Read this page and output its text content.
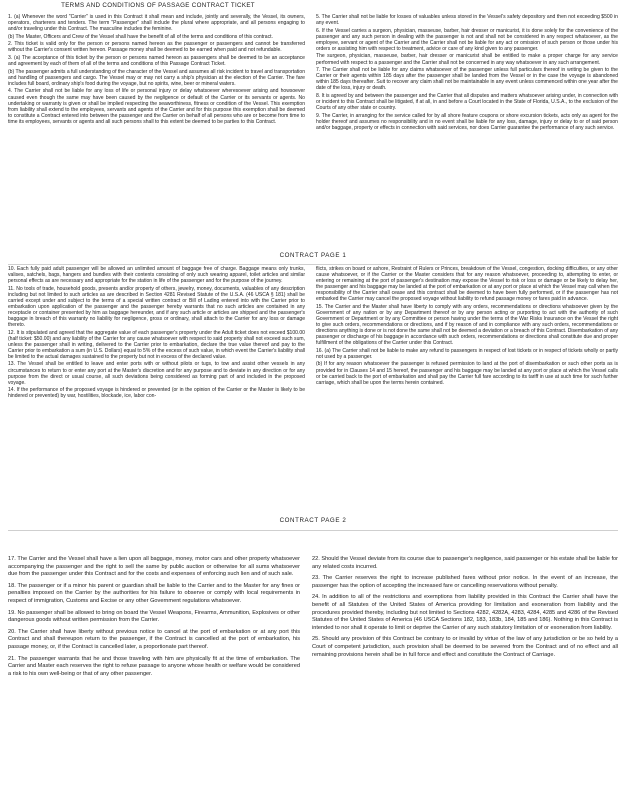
TERMS AND CONDITIONS OF PASSAGE CONTRACT TICKET

1. (a) Whenever the word "Carrier" is used in this Contract it shall mean and include, jointly and severally, the Vessel, its owners, operators, charterers and tenders. The term "Passenger" shall include the plural where appropriate, and all persons engaging to and/or traveling under this Contract. The masculine includes the feminine.

(b) The Master, Officers and Crew of the Vessel shall have the benefit of all of the terms and conditions of this contract.

2. This ticket is valid only for the person or persons named hereon as the passenger or passengers and cannot be transferred without the Carrier's consent written hereon. Passage money shall be deemed to be earned when paid and not refundable.

3. (a) The acceptance of this ticket by the person or persons named hereon as passengers shall be deemed to be an acceptance and agreement by each of them of all of the terms and conditions of this Passage Contract Ticket.

(b) The passenger admits a full understanding of the character of the Vessel and assumes all risk incident to travel and transportation and handling of passengers and cargo. The Vessel may or may not carry a ship's physician at the election of the Carrier. The fare includes full board, ordinary ship's food during the voyage, but no spirits, wine, beer or mineral waters.

4. The Carrier shall not be liable for any loss of life or personal injury or delay whatsoever wheresoever arising and howsoever caused even though the same may have been caused by the negligence or default of the Carrier or its servants or agents. No undertaking or warranty is given or shall be implied respecting the seaworthiness, fitness or condition of the Vessel. This exemption from liability shall extend to the employees, servants and agents of the Carrier and for this purpose this exemption shall be deemed to constitute a Contract entered into between the passenger and the Carrier on behalf of all persons who are or become from time to time its employees, servants or agents and all such persons shall to this extent be deemed to be parties to this Contract.

5. The Carrier shall not be liable for losses of valuables unless stored in the Vessel's safety depository and then not exceeding $500 in any event.

6. If the Vessel carries a surgeon, physician, masseuse, barber, hair dresser or manicurist, it is done solely for the convenience of the passenger and any such person in dealing with the passenger is not and shall not be considered in any respect whatsoever, as the employee, servant or agent of the Carrier and the Carrier shall not be liable for any act or omission of such person or those under his orders or assisting him with respect to treatment, advice or care of any kind given to any passenger.

The surgeon, physician, masseuse, barber, hair dresser or manicurist shall be entitled to make a proper charge for any service performed with respect to a passenger and the Carrier shall not be concerned in any way whatsoever in any such arrangement.

7. The Carrier shall not be liable for any claims whatsoever of the passenger unless full particulars thereof in writing be given to the Carrier or their agents within 185 days after the passenger shall be landed from the Vessel or in the case the voyage is abandoned within 185 days thereafter. Suit to recover any claim shall not be maintainable in any event unless commenced within one year after the date of the loss, injury or death.

8. It is agreed by and between the passenger and the Carrier that all disputes and matters whatsoever arising under, in connection with or incident to this Contract shall be litigated, if at all, in and before a Court located in the State of Florida, U.S.A., to the exclusion of the Courts of any other state or country.

9. The Carrier, in arranging for the service called for by all shore feature coupons or shore excursion tickets, acts only as agent for the holder thereof and assumes no responsibility and in no event shall be liable for any loss, damage, injury or delay to or of said person and/or baggage, property or effects in connection with said services, nor does Carrier guarantee the performance of any such service.

CONTRACT PAGE 1

10. Each fully paid adult passenger will be allowed an unlimited amount of baggage free of charge. Baggage means only trunks, valises, satchels, bags, hangers and bundles with their contents consisting of only such wearing apparel, toilet articles and similar personal effects as are necessary and appropriate for the station in life of the passenger and for the purpose of the journey.

11. No tools of trade, household goods, presents and/or property of others, jewelry, money, documents, valuables of any description including but not limited to such articles as are described in Section 4281 Revised Statute of the U.S.A. (46 USCA § 181) shall be carried except under and subject to the terms of a special written contract or Bill of Lading entered into with the Carrier prior to embarkation upon application of the passenger and the passenger hereby warrants that no such articles are contained in any receptacle or container presented by him as baggage hereunder, and if any such article or articles are shipped and the passenger's baggage in breach of this warranty no liability for negligence, gross or ordinary, shall attach to the Carrier for any loss or damage thereto.

12. It is stipulated and agreed that the aggregate value of each passenger's property under the Adult ticket does not exceed $100.00 (half ticket: $50.00) and any liability of the Carrier for any cause whatsoever with respect to said property shall not exceed such sum, unless the passenger shall in writing, delivered to the Carrier prior to embarkation, declare the true value thereof and pay to the Carrier prior to embarkation a sum (in U.S. Dollars) equal to 5% of the excess of such value, in which event the Carrier's liability shall be limited to the actual damages sustained to the property but not in excess of the declared value.

13. The Vessel shall be entitled to leave and enter ports with or without pilots or tugs, to tow and assist other vessels in any circumstances to return to or enter any port at the Master's discretion and for any purpose and to deviate in any direction or for any purpose from the direct or usual course, all such deviations being considered as forming part of and included in the proposed voyage.

14. If the performance of the proposed voyage is hindered or prevented (or in the opinion of the Carrier or the Master is likely to be hindered or prevented) by war, hostilities, blockade, ice, labor con-

flicts, strikes on board or ashore, Restraint of Rulers or Princes, breakdown of the Vessel, congestion, docking difficulties, or any other cause whatsoever, or if the Carrier or the Master considers that for any reason whatsoever, proceeding to, attempting to enter, or entering or remaining at the port of passenger's destination may expose the Vessel to risk or loss or damage or be likely to delay her, the passenger and his baggage may be landed at the port of embarkation or at any port or place at which the Vessel may call when the responsibility of the Carrier shall cease and this contract shall be deemed to have been fully performed, or if the passenger has not embarked the Carrier may cancel the proposed voyage without liability to refund passage money or fares paid in advance.

15. The Carrier and the Master shall have liberty to comply with any orders, recommendations or directions whatsoever given by the Government of any nation or by any Department thereof or by any person acting or purporting to act with the authority of such Government or Department or by any Committee or person having under the terms of the War Risks Insurance on the Vessel the right to give such orders, recommendations or directions, and if by reason of and in compliance with any such orders, recommendations or directions anything is done or is not done the same shall not be deemed a deviation or a breach of this Contract. Disembarkation of any passenger or discharge of his baggage in accordance with such orders, recommendations or directions shall constitute due and proper fulfillment of the obligations of the Carrier under this Contract.

16. (a) The Carrier shall not be liable to make any refund to passengers in respect of lost tickets or in respect of tickets wholly or partly not used by a passenger.

(b) If for any reason whatsoever the passenger is refused permission to land at the port of disembarkation or such other ports as is provided for in Clauses 14 and 15 hereof, the passenger and his baggage may be landed at any port or place at which the Vessel calls or be carried back to the port of embarkation and shall pay the Carrier full fare according to its tariff in use at such time for such further carriage, which shall be upon the terms herein contained.

CONTRACT PAGE 2

17. The Carrier and the Vessel shall have a lien upon all baggage, money, motor cars and other property whatsoever accompanying the passenger and the right to sell the same by public auction or otherwise for all sums whatsoever due from the passenger under this Contract and for the costs and expenses of enforcing such lien and of such sale.

18. The passenger or if a minor his parent or guardian shall be liable to the Carrier and to the Master for any fines or penalties imposed on the Carrier by the authorities for his failure to observe or comply with local requirements in respect of immigration, Customs and Excise or any other Government regulations whatsoever.

19. No passenger shall be allowed to bring on board the Vessel Weapons, Firearms, Ammunition, Explosives or other dangerous goods without written permission from the Carrier.

20. The Carrier shall have liberty without previous notice to cancel at the port of embarkation or at any port this Contract and shall thereupon return to the passenger, if the Contract is cancelled at the port of embarkation, his passage money, or, if the Contract is cancelled later, a proportionate part thereof.

21. The passenger warrants that he and those traveling with him are physically fit at the time of embarkation. The Carrier and Master each reserves the right to refuse passage to anyone whose health or welfare would be considered a risk to his own well-being or that of any other passenger.

22. Should the Vessel deviate from its course due to passenger's negligence, said passenger or his estate shall be liable for any related costs incurred.

23. The Carrier reserves the right to increase published fares without prior notice. In the event of an increase, the passenger has the option of accepting the increased fare or cancelling reservations without penalty.

24. In addition to all of the restrictions and exemptions from liability provided in this Contract the Carrier shall have the benefit of all Statutes of the United States of America providing for limitation and exoneration from liability and the procedures provided thereby, including but not limited to Sections 4282, 4282A, 4283, 4284, 4285 and 4286 of the Revised Statutes of the United States of America (46 USCA Sections 182, 183, 183b, 184, 185 and 186). Nothing in this Contract is intended to nor shall it operate to limit or deprive the Carrier of any such statutory limitation of or exoneration from liability.

25. Should any provision of this Contract be contrary to or invalid by virtue of the law of any jurisdiction or be so held by a Court of competent jurisdiction, such provision shall be deemed to be severed from the Contract and of no effect and all remaining provisions herein shall be in full force and effect and constitute the Contract of Carriage.
